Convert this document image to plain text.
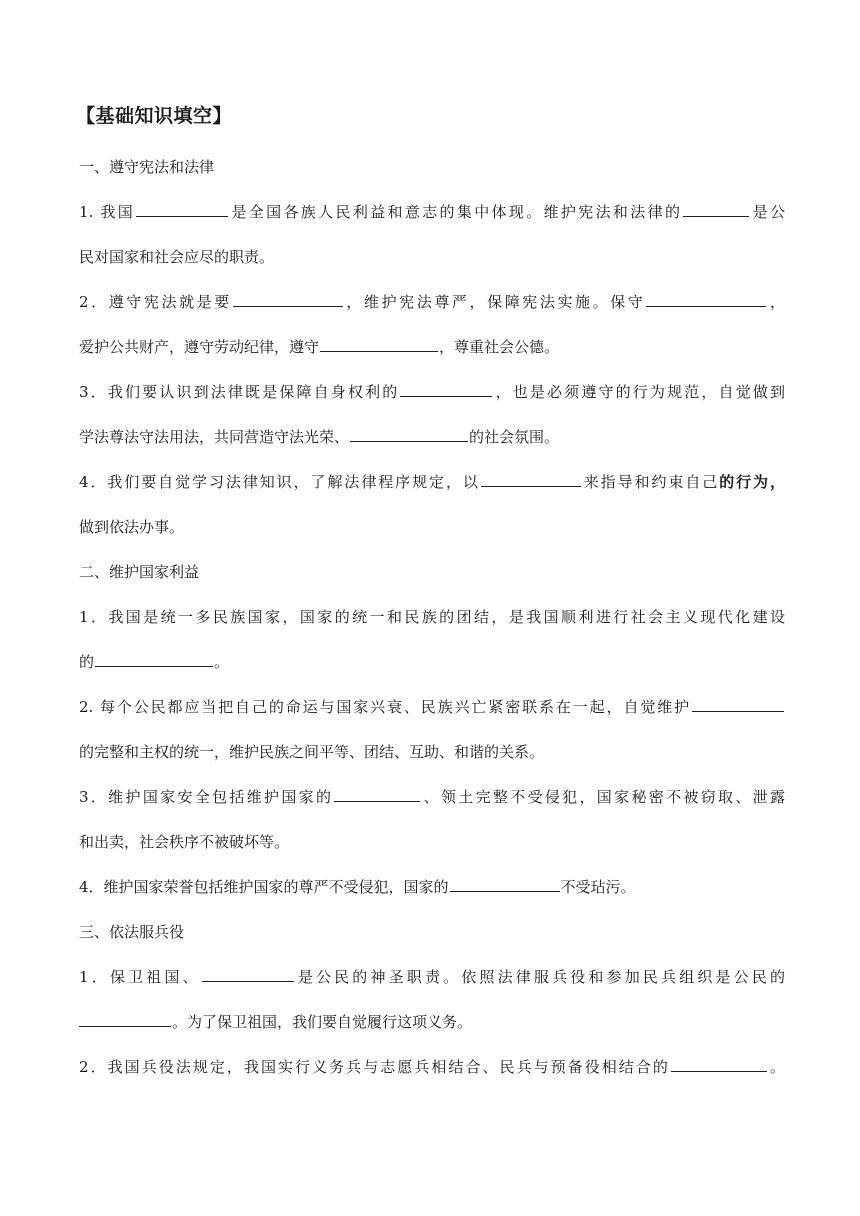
【基础知识填空】
一、遵守宪法和法律
1. 我国	是全国各族人民利益和意志的集中体现。维护宪法和法律的	是公
民对国家和社会应尽的职责。
2．遵守宪法就是要	，维护宪法尊严，保障宪法实施。保守	，
爱护公共财产，遵守劳动纪律，遵守	，尊重社会公德。
3．我们要认识到法律既是保障自身权利的	，也是必须遵守的行为规范，自觉做到
学法尊法守法用法，共同营造守法光荣、	的社会氛围。
4．我们要自觉学习法律知识，了解法律程序规定，以	来指导和约束自己的行为，
做到依法办事。
二、维护国家利益
1．我国是统一多民族国家，国家的统一和民族的团结，是我国顺利进行社会主义现代化建设
的	。
2. 每个公民都应当把自己的命运与国家兴衰、民族兴亡紧密联系在一起，自觉维护
的完整和主权的统一，维护民族之间平等、团结、互助、和谐的关系。
3．维护国家安全包括维护国家的	、领土完整不受侵犯，国家秘密不被窃取、泄露
和出卖，社会秩序不被破坏等。
4．维护国家荣誉包括维护国家的尊严不受侵犯，国家的	不受玷污。
三、依法服兵役
1．保卫祖国、	是公民的神圣职责。依照法律服兵役和参加民兵组织是公民的
。为了保卫祖国，我们要自觉履行这项义务。
2．我国兵役法规定，我国实行义务兵与志愿兵相结合、民兵与预备役相结合的	。
